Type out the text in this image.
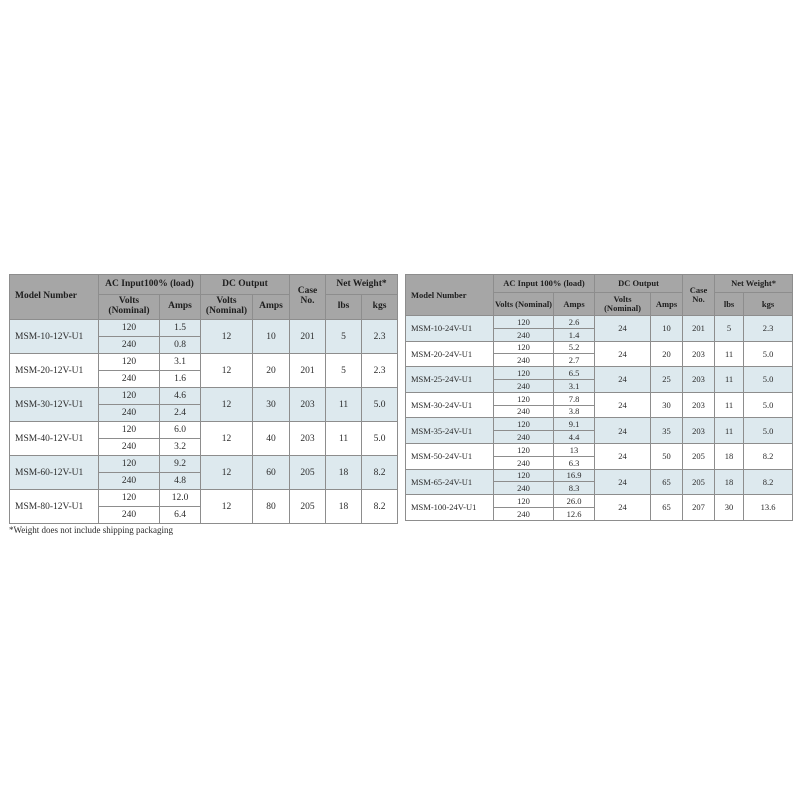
Model Number	AC Input100% (load)		DC Output		Case No.	Net Weight*	
	Volts (Nominal)	Amps	Volts (Nominal)	Amps		lbs	kgs
MSM-10-12V-U1	120	1.5	12	10	201	5	2.3
	240	0.8					
MSM-20-12V-U1	120	3.1	12	20	201	5	2.3
	240	1.6					
MSM-30-12V-U1	120	4.6	12	30	203	11	5.0
	240	2.4					
MSM-40-12V-U1	120	6.0	12	40	203	11	5.0
	240	3.2					
MSM-60-12V-U1	120	9.2	12	60	205	18	8.2
	240	4.8					
MSM-80-12V-U1	120	12.0	12	80	205	18	8.2
	240	6.4					
Model Number	AC Input 100% (load)		DC Output		Case No.	Net Weight*	
	Volts (Nominal)	Amps	Volts (Nominal)	Amps		lbs	kgs
MSM-10-24V-U1	120	2.6	24	10	201	5	2.3
	240	1.4					
MSM-20-24V-U1	120	5.2	24	20	203	11	5.0
	240	2.7					
MSM-25-24V-U1	120	6.5	24	25	203	11	5.0
	240	3.1					
MSM-30-24V-U1	120	7.8	24	30	203	11	5.0
	240	3.8					
MSM-35-24V-U1	120	9.1	24	35	203	11	5.0
	240	4.4					
MSM-50-24V-U1	120	13	24	50	205	18	8.2
	240	6.3					
MSM-65-24V-U1	120	16.9	24	65	205	18	8.2
	240	8.3					
MSM-100-24V-U1	120	26.0	24	65	207	30	13.6
	240	12.6					
*Weight does not include shipping packaging
